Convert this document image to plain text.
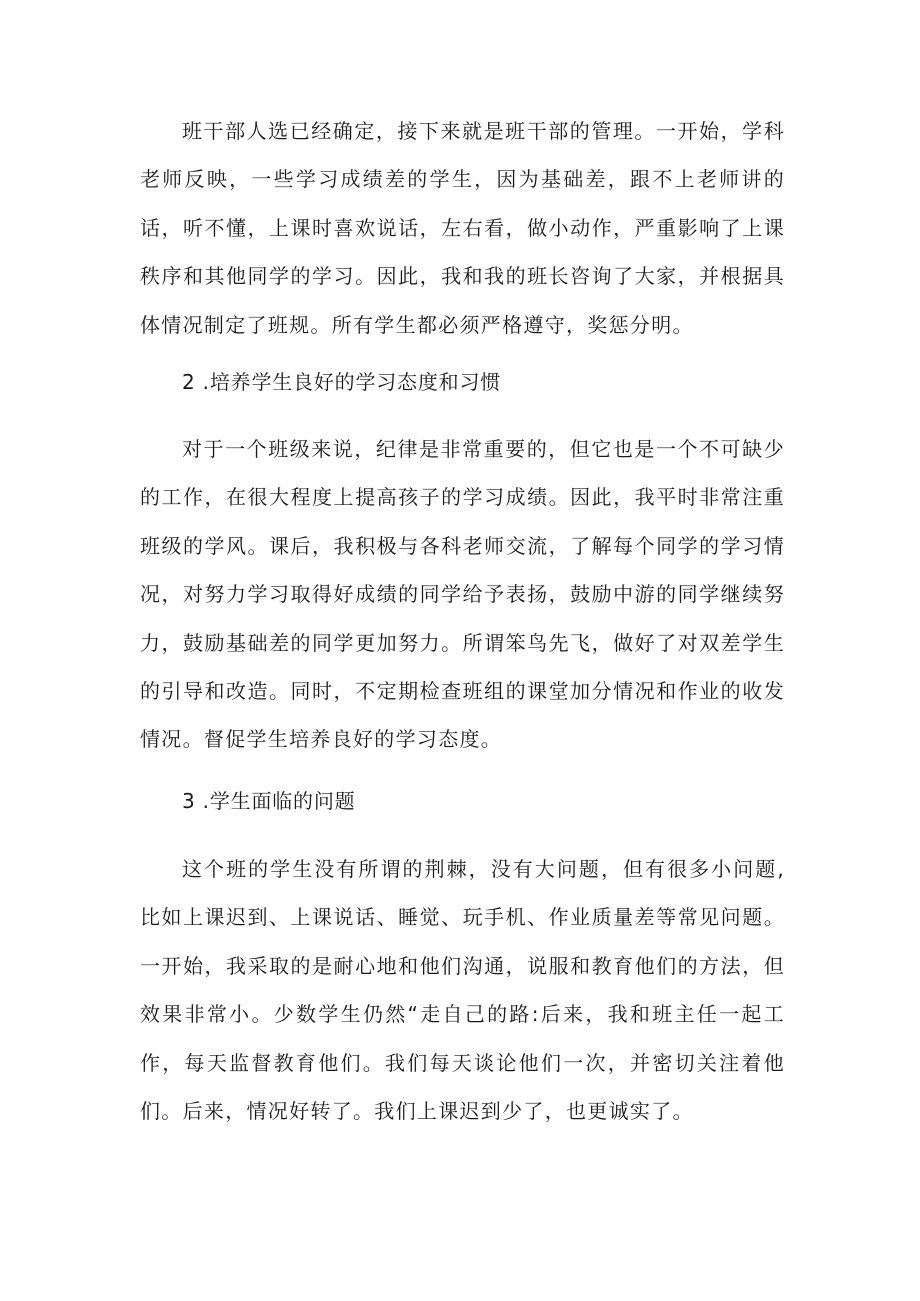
班干部人选已经确定，接下来就是班干部的管理。一开始，学科老师反映，一些学习成绩差的学生，因为基础差，跟不上老师讲的话，听不懂，上课时喜欢说话，左右看，做小动作，严重影响了上课秩序和其他同学的学习。因此，我和我的班长咨询了大家，并根据具体情况制定了班规。所有学生都必须严格遵守，奖惩分明。

2 .培养学生良好的学习态度和习惯

对于一个班级来说，纪律是非常重要的，但它也是一个不可缺少的工作，在很大程度上提高孩子的学习成绩。因此，我平时非常注重班级的学风。课后，我积极与各科老师交流，了解每个同学的学习情况，对努力学习取得好成绩的同学给予表扬，鼓励中游的同学继续努力，鼓励基础差的同学更加努力。所谓笨鸟先飞，做好了对双差学生的引导和改造。同时，不定期检查班组的课堂加分情况和作业的收发情况。督促学生培养良好的学习态度。

3 .学生面临的问题

这个班的学生没有所谓的荆棘，没有大问题，但有很多小问题,比如上课迟到、上课说话、睡觉、玩手机、作业质量差等常见问题。一开始，我采取的是耐心地和他们沟通，说服和教育他们的方法，但效果非常小。少数学生仍然“走自己的路:后来，我和班主任一起工作，每天监督教育他们。我们每天谈论他们一次，并密切关注着他们。后来，情况好转了。我们上课迟到少了，也更诚实了。
